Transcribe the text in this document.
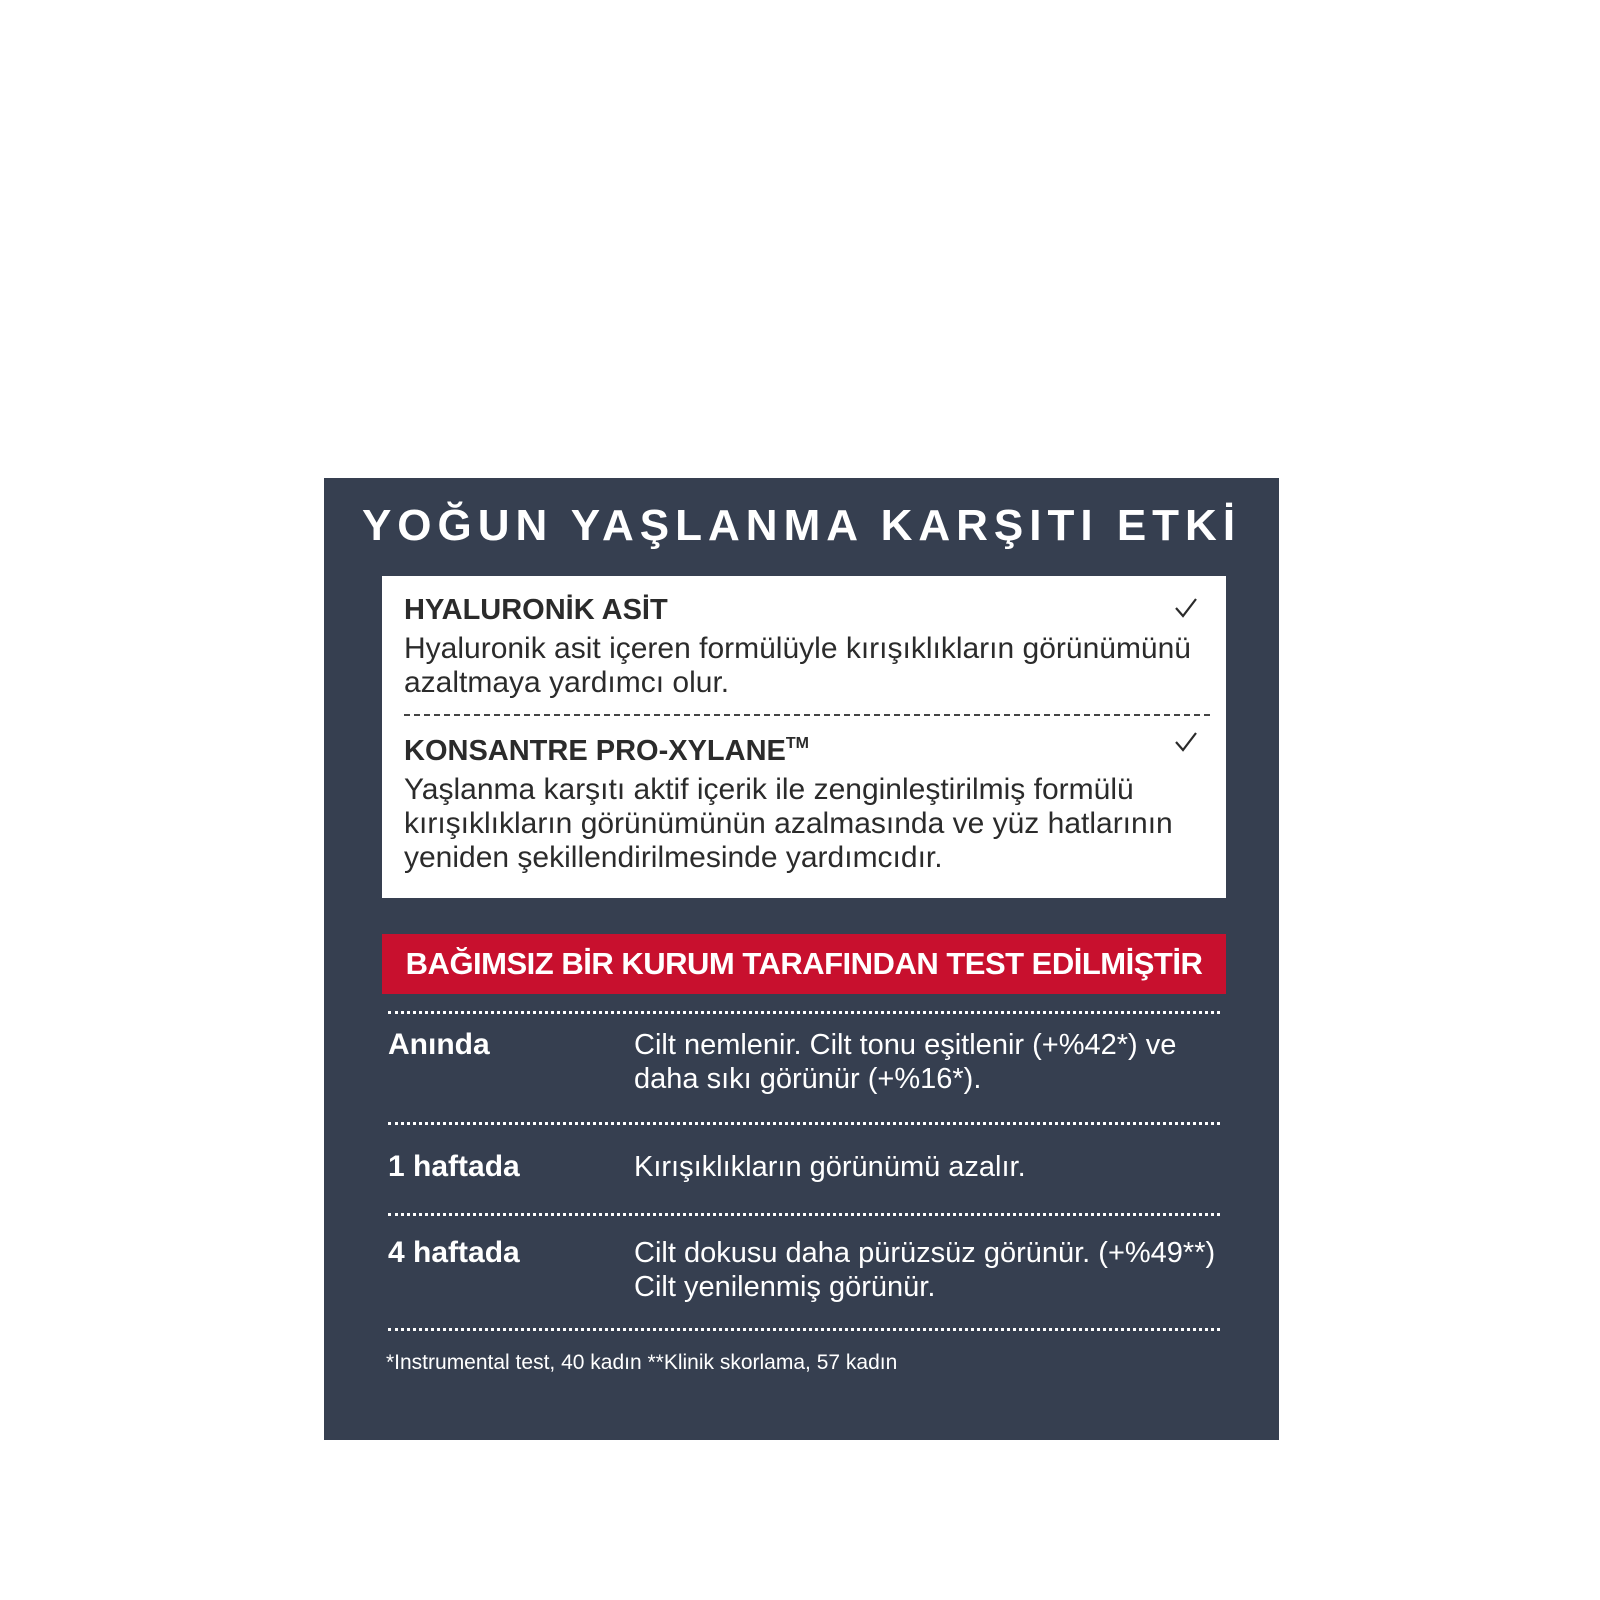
YOĞUN YAŞLANMA KARŞITI ETKİ
HYALURONİK ASİT
Hyaluronik asit içeren formülüyle kırışıklıkların görünümünü azaltmaya yardımcı olur.
KONSANTRE PRO-XYLANE™
Yaşlanma karşıtı aktif içerik ile zenginleştirilmiş formülü kırışıklıkların görünümünün azalmasında ve yüz hatlarının yeniden şekillendirilmesinde yardımcıdır.
BAĞIMSIZ BİR KURUM TARAFINDAN TEST EDİLMİŞTİR
Anında	Cilt nemlenir. Cilt tonu eşitlenir (+%42*) ve daha sıkı görünür (+%16*).
1 haftada	Kırışıklıkların görünümü azalır.
4 haftada	Cilt dokusu daha pürüzsüz görünür. (+%49**) Cilt yenilenmiş görünür.
*Instrumental test, 40 kadın **Klinik skorlama, 57 kadın
